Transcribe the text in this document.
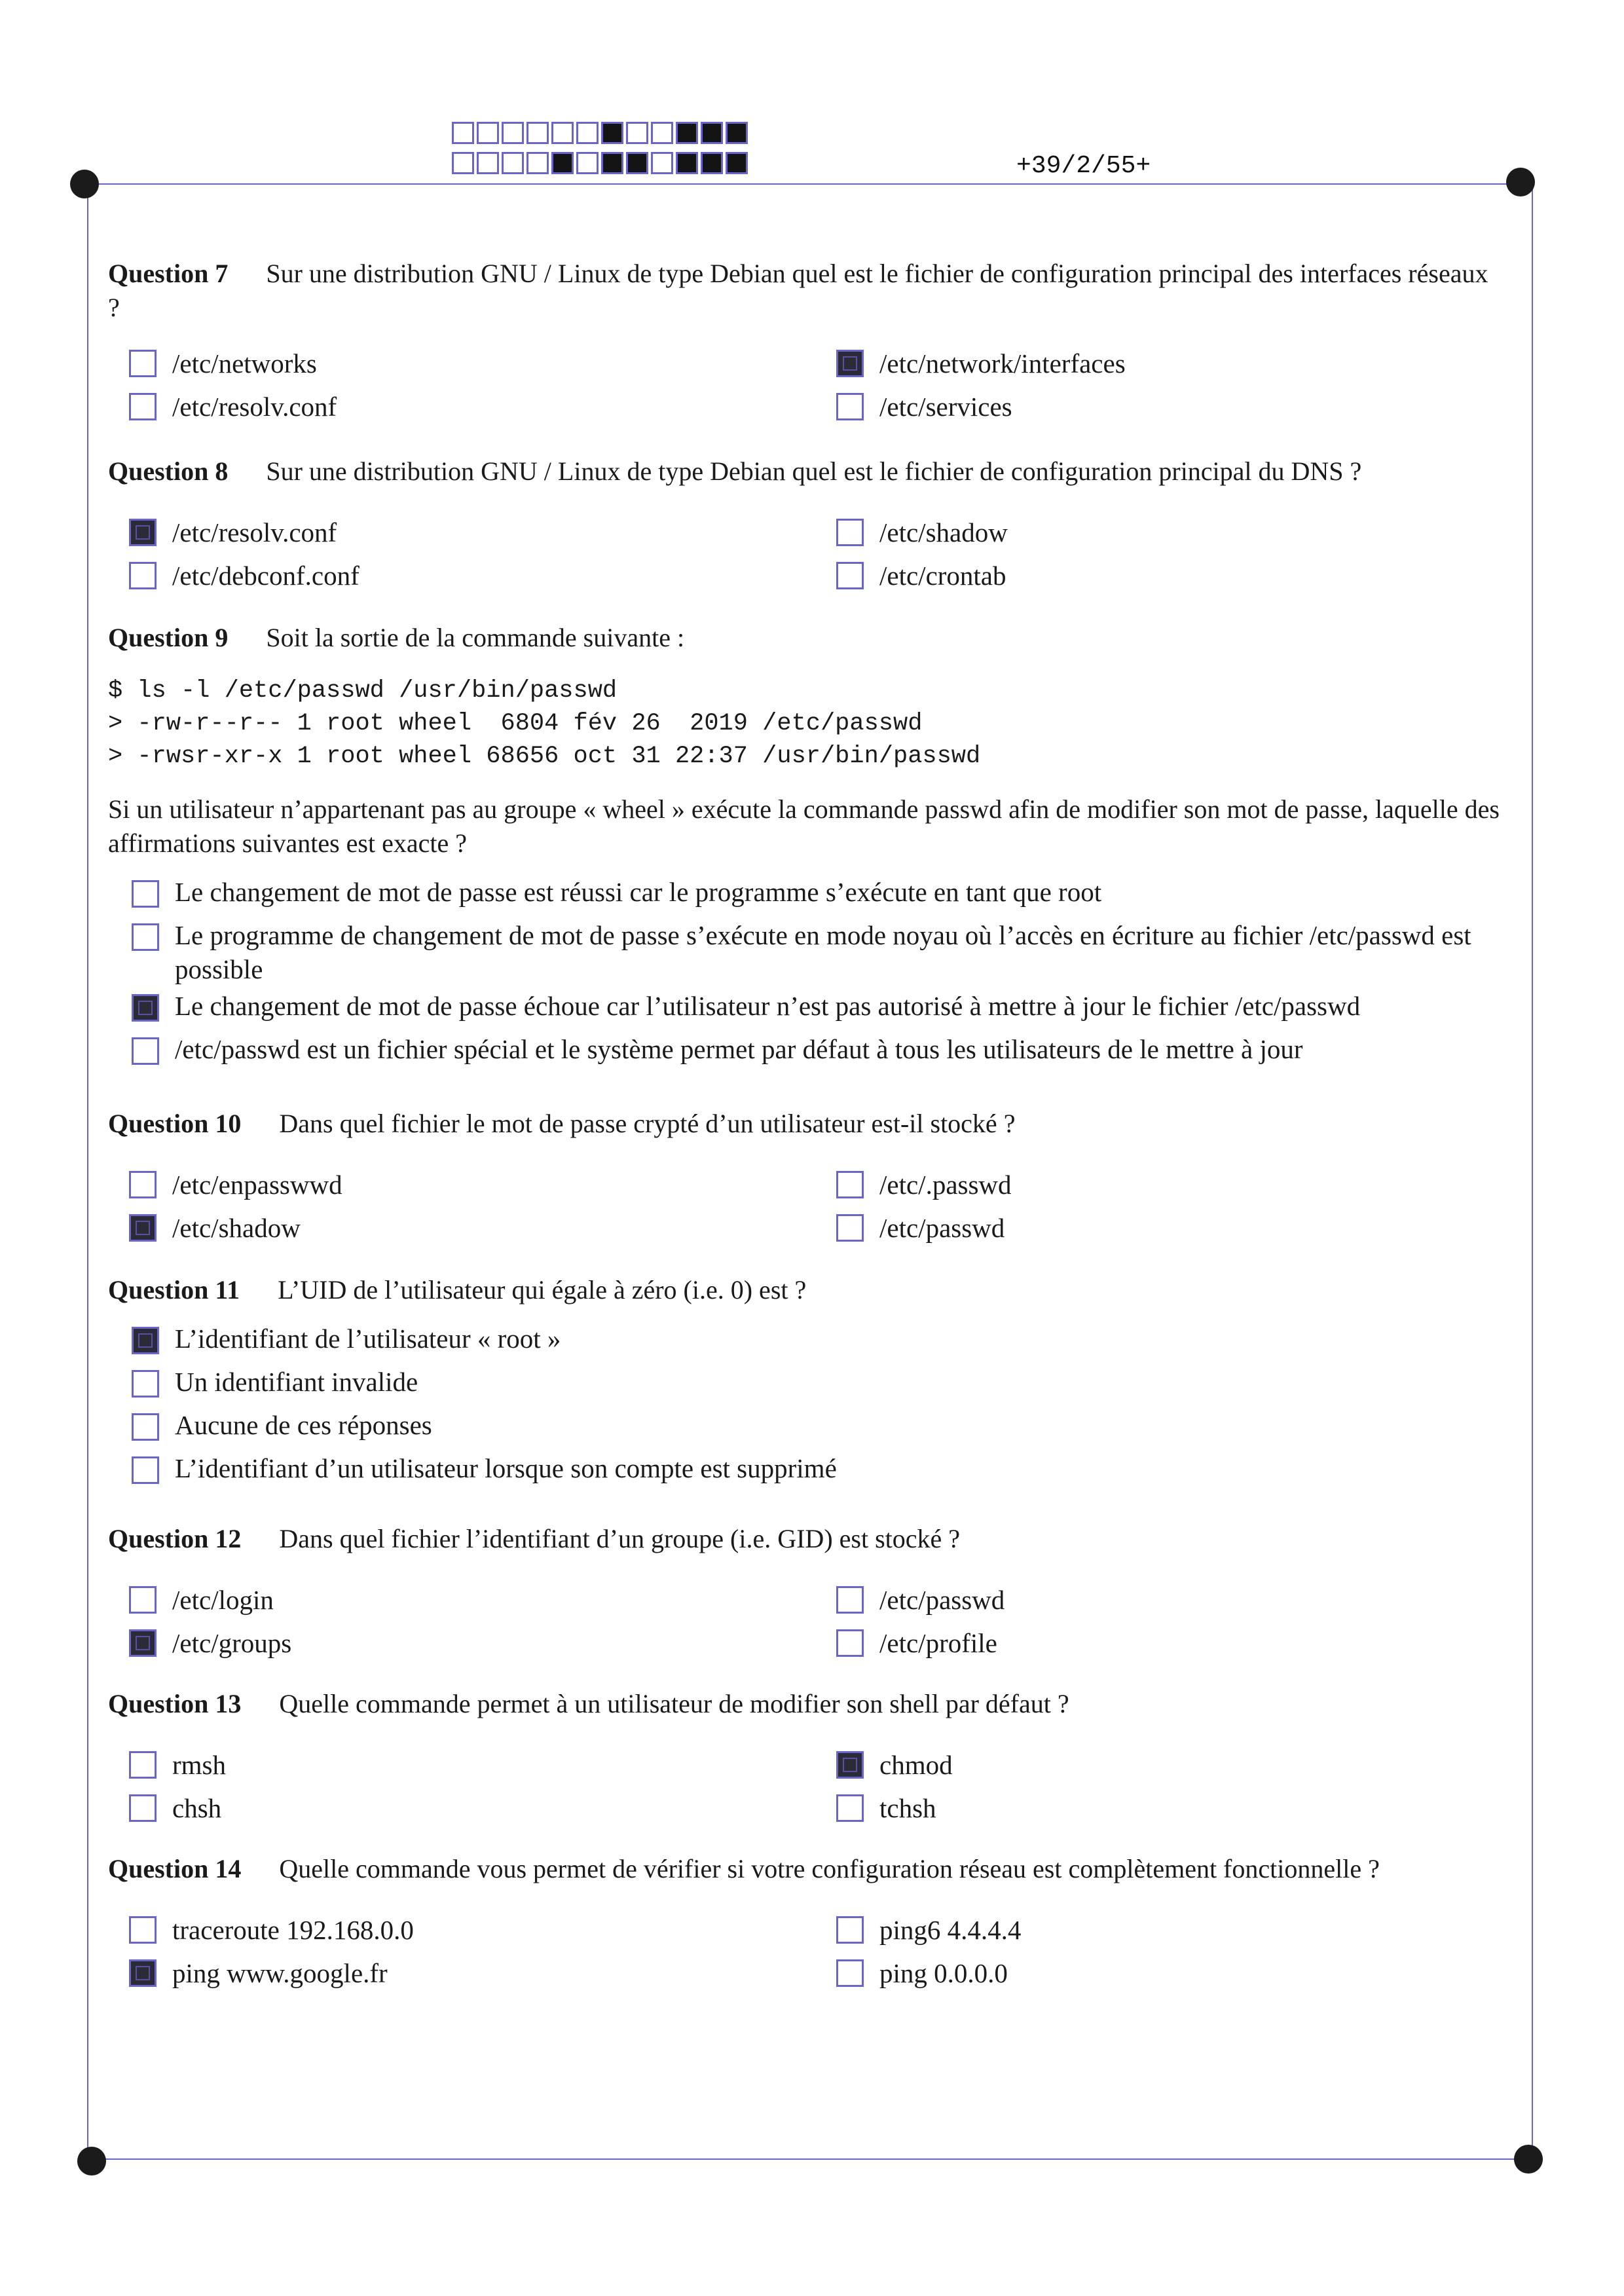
+39/2/55+
Question 7 Sur une distribution GNU / Linux de type Debian quel est le fichier de configuration principal des interfaces réseaux ?
/etc/networks	/etc/network/interfaces
/etc/resolv.conf	/etc/services
Question 8 Sur une distribution GNU / Linux de type Debian quel est le fichier de configuration principal du DNS ?
/etc/resolv.conf	/etc/shadow
/etc/debconf.conf	/etc/crontab
Question 9 Soit la sortie de la commande suivante :
$ ls -l /etc/passwd /usr/bin/passwd
> -rw-r--r-- 1 root wheel  6804 fév 26  2019 /etc/passwd
> -rwsr-xr-x 1 root wheel 68656 oct 31 22:37 /usr/bin/passwd
Si un utilisateur n’appartenant pas au groupe « wheel » exécute la commande passwd afin de modifier son mot de passe, laquelle des affirmations suivantes est exacte ?
Le changement de mot de passe est réussi car le programme s’exécute en tant que root
Le programme de changement de mot de passe s’exécute en mode noyau où l’accès en écriture au fichier /etc/passwd est possible
Le changement de mot de passe échoue car l’utilisateur n’est pas autorisé à mettre à jour le fichier /etc/passwd
/etc/passwd est un fichier spécial et le système permet par défaut à tous les utilisateurs de le mettre à jour
Question 10 Dans quel fichier le mot de passe crypté d’un utilisateur est-il stocké ?
/etc/enpasswwd	/etc/.passwd
/etc/shadow	/etc/passwd
Question 11 L’UID de l’utilisateur qui égale à zéro (i.e. 0) est ?
L’identifiant de l’utilisateur « root »
Un identifiant invalide
Aucune de ces réponses
L’identifiant d’un utilisateur lorsque son compte est supprimé
Question 12 Dans quel fichier l’identifiant d’un groupe (i.e. GID) est stocké ?
/etc/login	/etc/passwd
/etc/groups	/etc/profile
Question 13 Quelle commande permet à un utilisateur de modifier son shell par défaut ?
rmsh	chmod
chsh	tchsh
Question 14 Quelle commande vous permet de vérifier si votre configuration réseau est complètement fonctionnelle ?
traceroute 192.168.0.0	ping6 4.4.4.4
ping www.google.fr	ping 0.0.0.0
